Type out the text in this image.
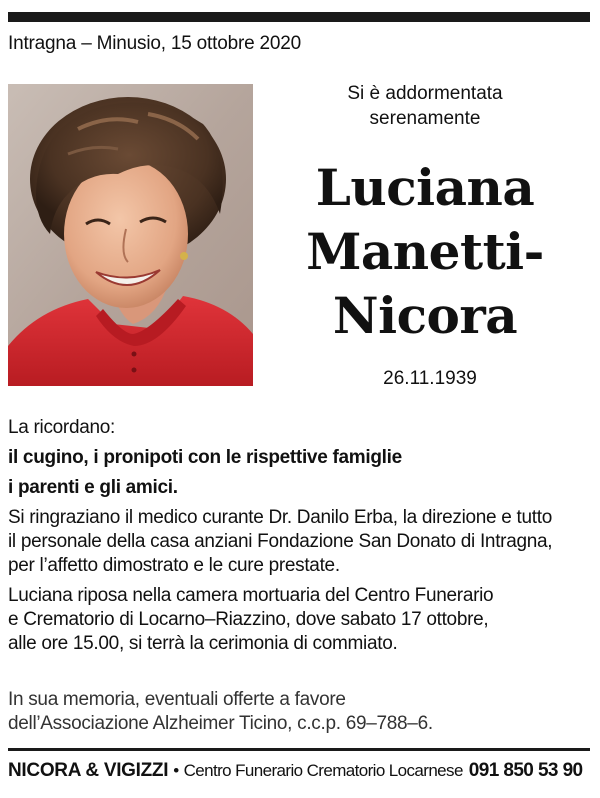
Intragna – Minusio, 15 ottobre 2020
Si è addormentata
serenamente
Luciana
Manetti-
Nicora
26.11.1939

La ricordano:

il cugino, i pronipoti con le rispettive famiglie

i parenti e gli amici.

Si ringraziano il medico curante Dr. Danilo Erba, la direzione e tutto

il personale della casa anziani Fondazione San Donato di Intragna,

per l’affetto dimostrato e le cure prestate.

Luciana riposa nella camera mortuaria del Centro Funerario

e Crematorio di Locarno–Riazzino, dove sabato 17 ottobre,

alle ore 15.00, si terrà la cerimonia di commiato.

In sua memoria, eventuali offerte a favore
dell’Associazione Alzheimer Ticino, c.c.p. 69–788–6.
NICORA & VIGIZZI • Centro Funerario Crematorio Locarnese 091 850 53 90
